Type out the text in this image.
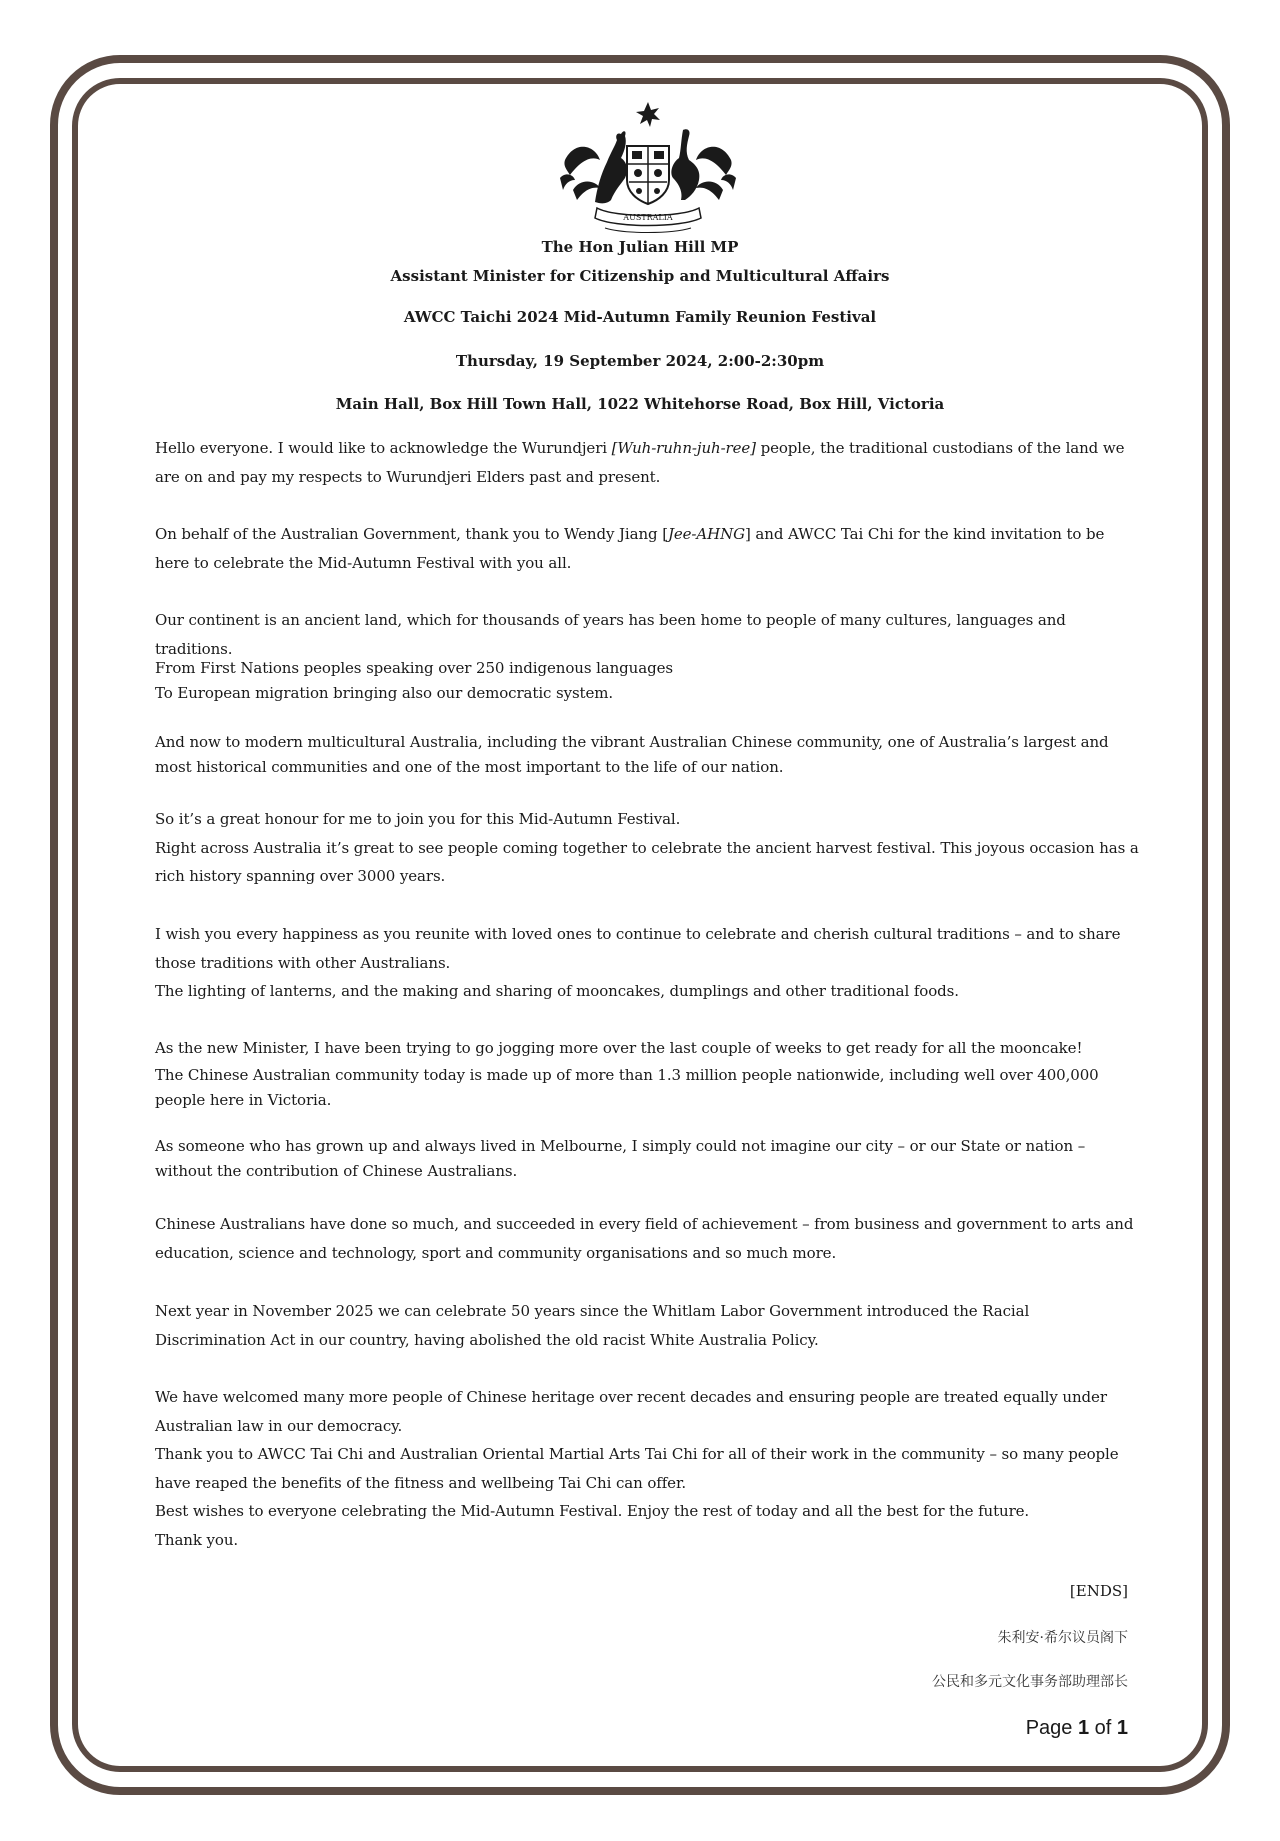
AUSTRALIA
The Hon Julian Hill MP
Assistant Minister for Citizenship and Multicultural Affairs
AWCC Taichi 2024 Mid-Autumn Family Reunion Festival
Thursday, 19 September 2024, 2:00-2:30pm
Main Hall, Box Hill Town Hall, 1022 Whitehorse Road, Box Hill, Victoria

Hello everyone. I would like to acknowledge the Wurundjeri [Wuh-ruhn-juh-ree] people, the traditional custodians of the land we are on and pay my respects to Wurundjeri Elders past and present.

On behalf of the Australian Government, thank you to Wendy Jiang [Jee-AHNG] and AWCC Tai Chi for the kind invitation to be here to celebrate the Mid-Autumn Festival with you all.

Our continent is an ancient land, which for thousands of years has been home to people of many cultures, languages and traditions.

From First Nations peoples speaking over 250 indigenous languages

To European migration bringing also our democratic system.

And now to modern multicultural Australia, including the vibrant Australian Chinese community, one of Australia’s largest and most historical communities and one of the most important to the life of our nation.

So it’s a great honour for me to join you for this Mid-Autumn Festival.

Right across Australia it’s great to see people coming together to celebrate the ancient harvest festival. This joyous occasion has a rich history spanning over 3000 years.

I wish you every happiness as you reunite with loved ones to continue to celebrate and cherish cultural traditions – and to share those traditions with other Australians.

The lighting of lanterns, and the making and sharing of mooncakes, dumplings and other traditional foods.

As the new Minister, I have been trying to go jogging more over the last couple of weeks to get ready for all the mooncake!

The Chinese Australian community today is made up of more than 1.3 million people nationwide, including well over 400,000 people here in Victoria.

As someone who has grown up and always lived in Melbourne, I simply could not imagine our city – or our State or nation – without the contribution of Chinese Australians.

Chinese Australians have done so much, and succeeded in every field of achievement – from business and government to arts and education, science and technology, sport and community organisations and so much more.

Next year in November 2025 we can celebrate 50 years since the Whitlam Labor Government introduced the Racial Discrimination Act in our country, having abolished the old racist White Australia Policy.

We have welcomed many more people of Chinese heritage over recent decades and ensuring people are treated equally under Australian law in our democracy.

Thank you to AWCC Tai Chi and Australian Oriental Martial Arts Tai Chi for all of their work in the community – so many people have reaped the benefits of the fitness and wellbeing Tai Chi can offer.

Best wishes to everyone celebrating the Mid-Autumn Festival. Enjoy the rest of today and all the best for the future.

Thank you.

[ENDS]
朱利安·希尔议员阁下
公民和多元文化事务部助理部长
Page 1 of 1
